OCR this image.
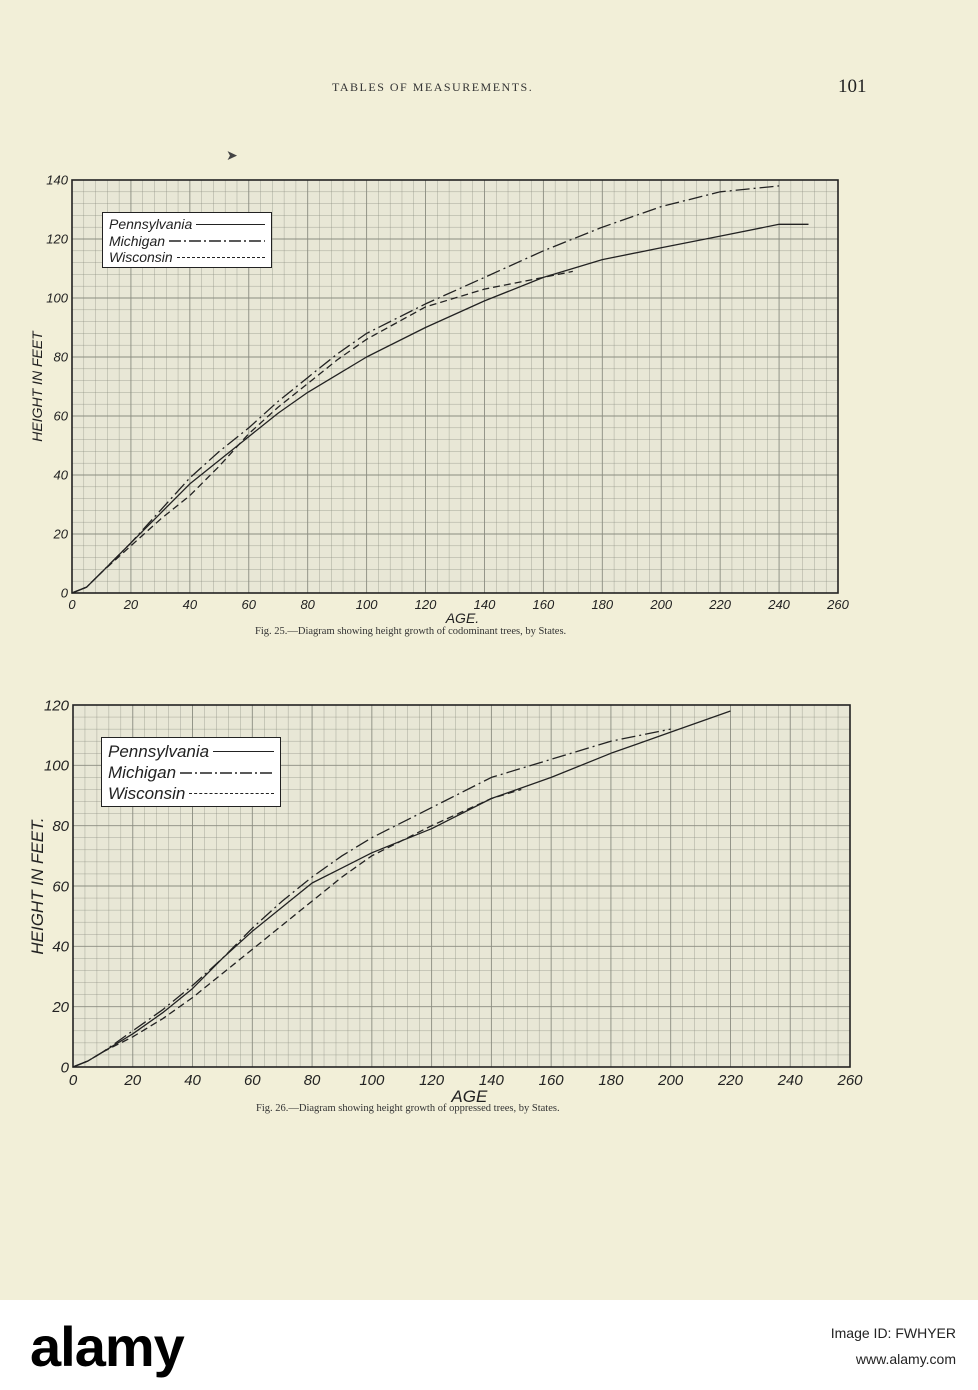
TABLES OF MEASUREMENTS.	101
➤
0	20	40	60	80	100	120	140	160	180	200	220	240	260
0
20
40
60
80
100
120
140
AGE.
HEIGHT IN FEET
0	20	40	60	80	100 120 140 160 180 200 220 240 260
0
20
40
60
80
100
120
AGE
HEIGHT IN FEET.
Pennsylvania
Michigan
Wisconsin
Fig. 25.—Diagram showing height growth of codominant trees, by States.
Pennsylvania
Michigan
Wisconsin
Fig. 26.—Diagram showing height growth of oppressed trees, by States.
alamy	Image ID: FWHYER
www.alamy.com
